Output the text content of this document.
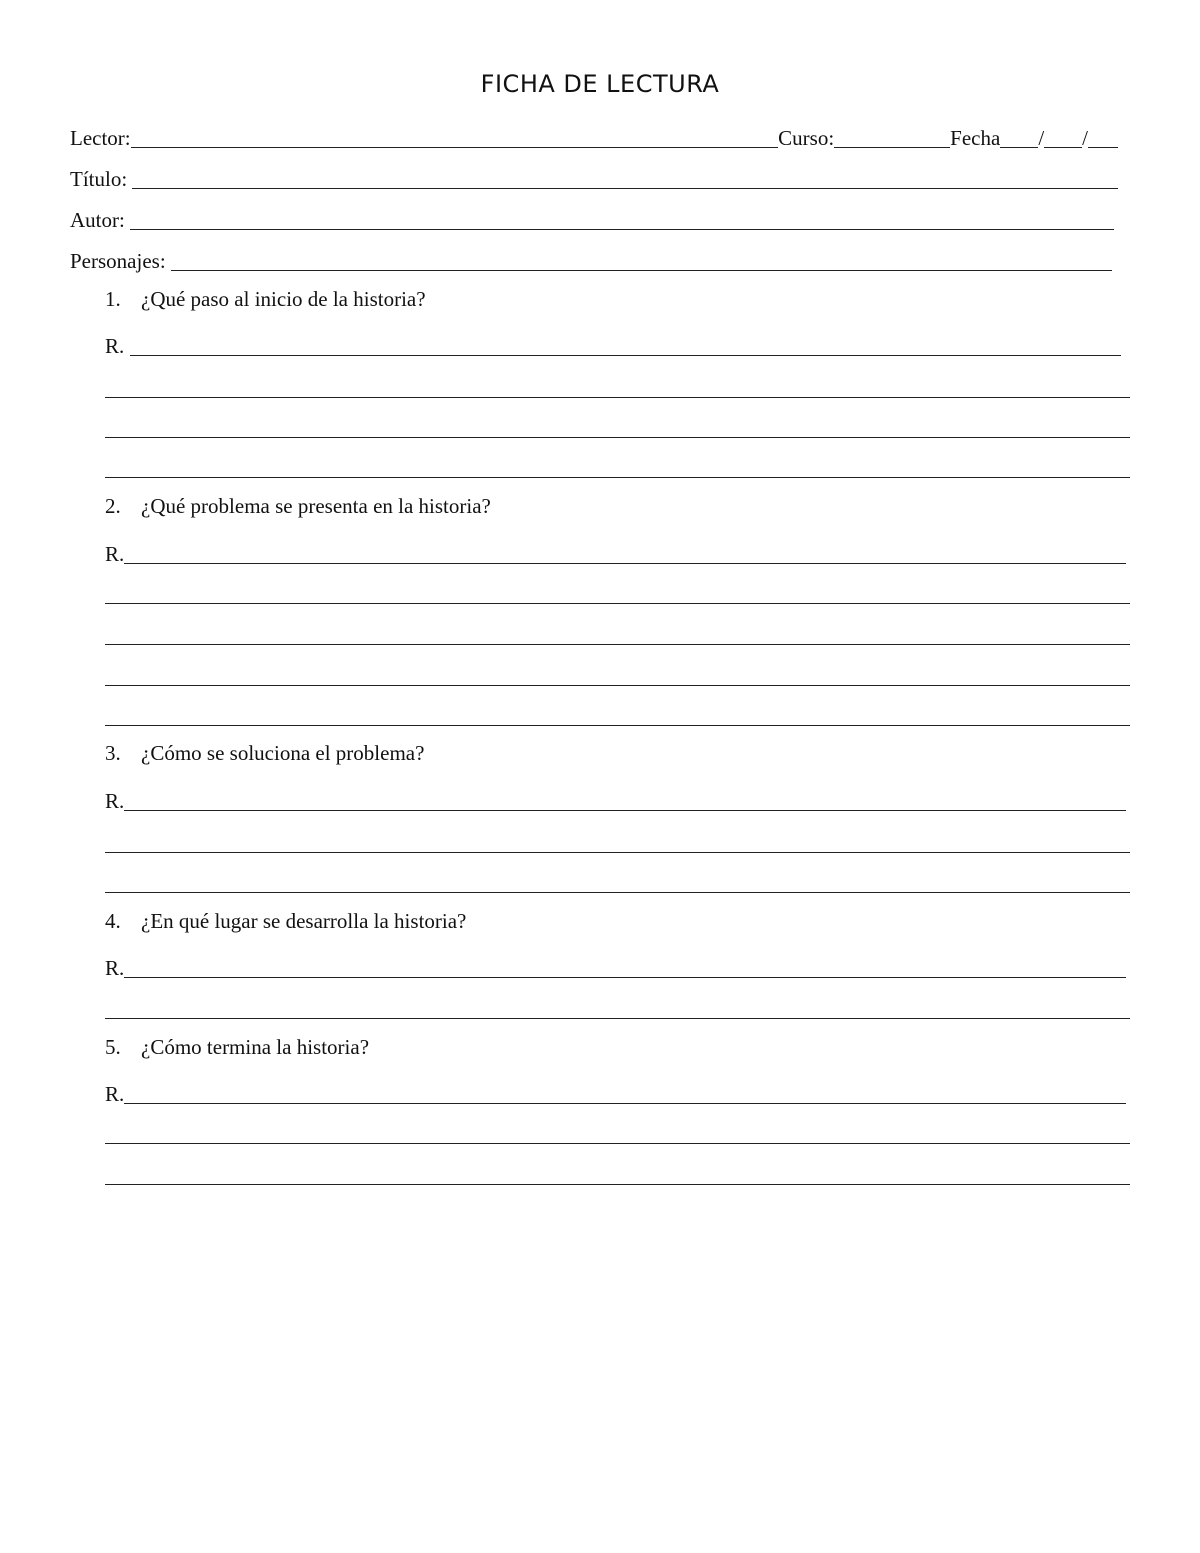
FICHA DE LECTURA
Lector:	Curso:	Fecha / /
Título:

Autor:

Personajes:

1. ¿Qué paso al inicio de la historia?
R.

2. ¿Qué problema se presenta en la historia?
R.
3. ¿Cómo se soluciona el problema?
R.
4. ¿En qué lugar se desarrolla la historia?
R.
5. ¿Cómo termina la historia?
R.
